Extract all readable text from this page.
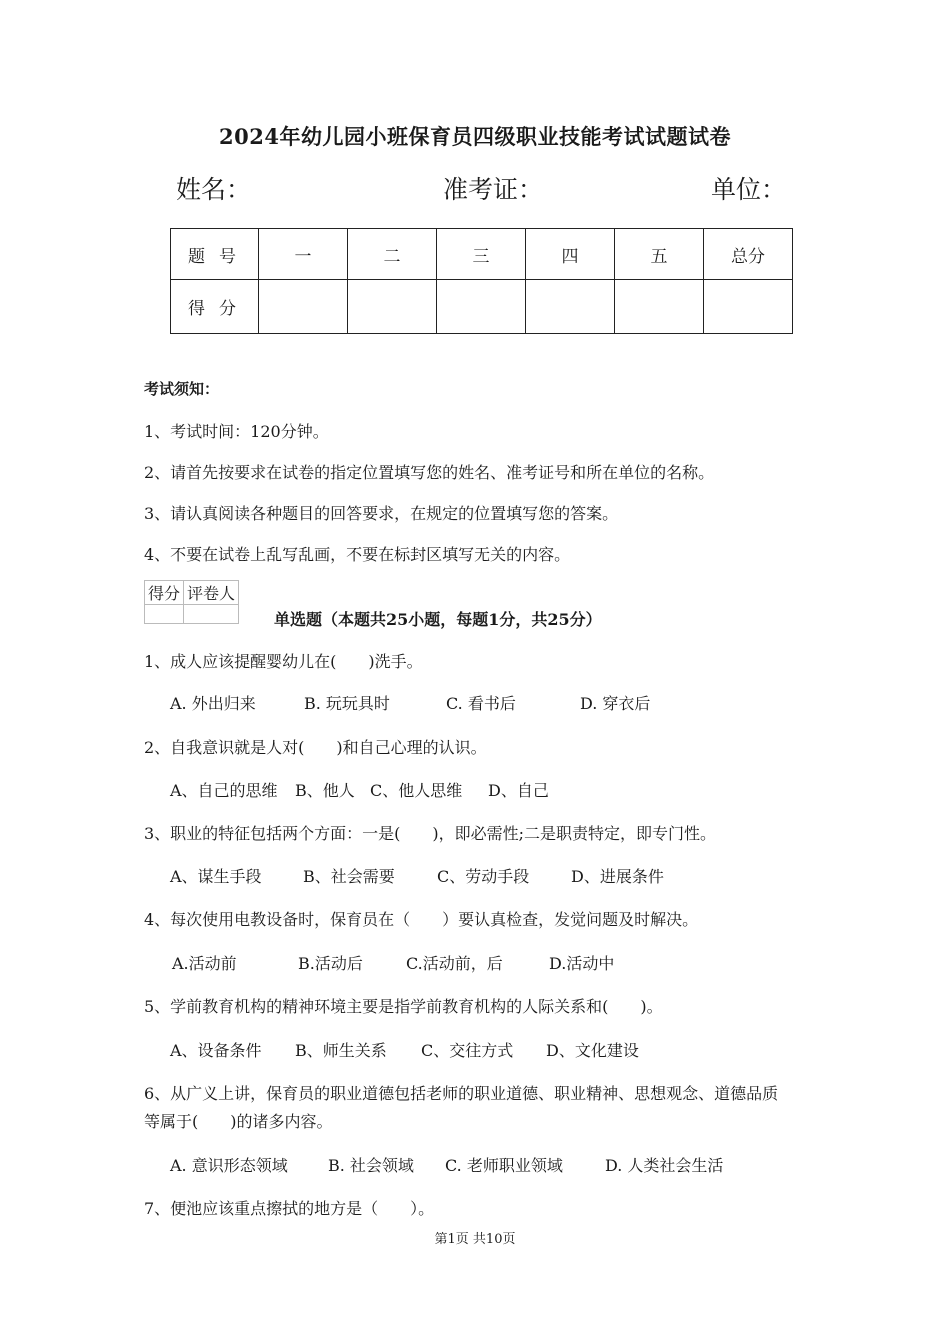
2024年幼儿园小班保育员四级职业技能考试试题试卷
姓名：	准考证：	单位：
题号	一	二	三	四	五	总分
得分						
考试须知：
1、考试时间：120分钟。
2、请首先按要求在试卷的指定位置填写您的姓名、准考证号和所在单位的名称。
3、请认真阅读各种题目的回答要求，在规定的位置填写您的答案。
4、不要在试卷上乱写乱画，不要在标封区填写无关的内容。
得分	评卷人

单选题（本题共25小题，每题1分，共25分）
1、成人应该提醒婴幼儿在(　　)洗手。
A. 外出归来	B. 玩玩具时	C. 看书后	D. 穿衣后
2、自我意识就是人对(　　)和自己心理的认识。
A、自己的思维 B、他人 C、他人思维 D、自己
3、职业的特征包括两个方面：一是(　　)，即必需性;二是职责特定，即专门性。
A、谋生手段	B、社会需要	C、劳动手段	D、进展条件
4、每次使用电教设备时，保育员在（　　）要认真检查，发觉问题及时解决。
A.活动前	B.活动后	C.活动前，后	D.活动中
5、学前教育机构的精神环境主要是指学前教育机构的人际关系和(　　)。
A、设备条件 B、师生关系 C、交往方式 D、文化建设
6、从广义上讲，保育员的职业道德包括老师的职业道德、职业精神、思想观念、道德品质
等属于(　　)的诸多内容。
A. 意识形态领域	B. 社会领域 C. 老师职业领域	D. 人类社会生活
7、便池应该重点擦拭的地方是（　　）。
第1页 共10页
